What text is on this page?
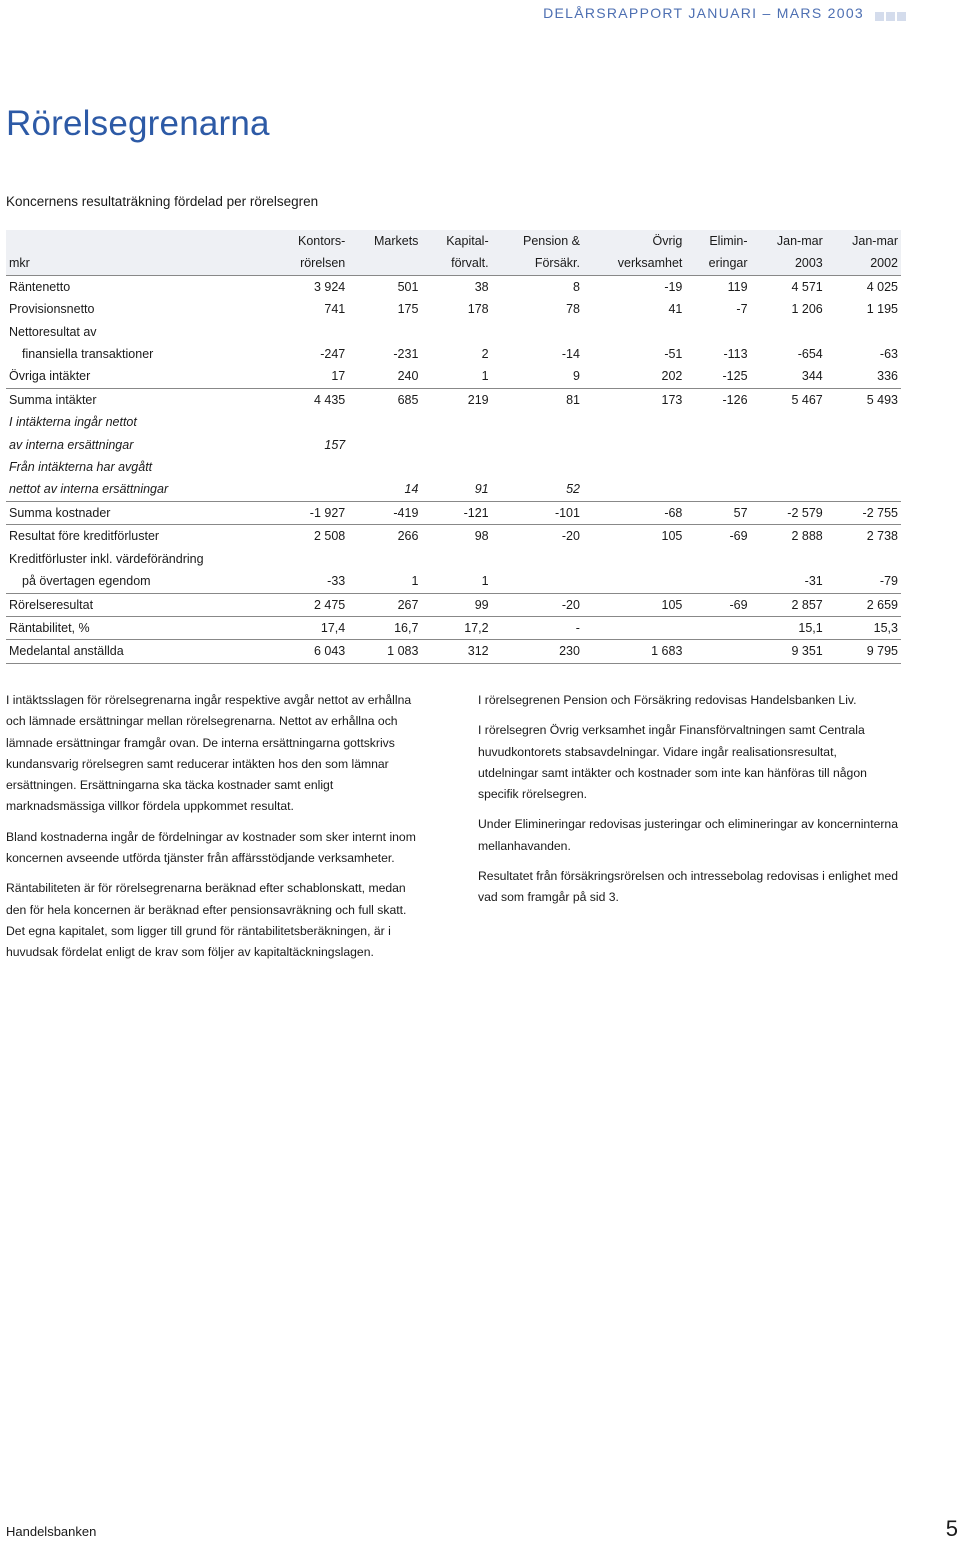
DELÅRSRAPPORT JANUARI – MARS 2003
Rörelsegrenarna

Koncernens resultaträkning fördelad per rörelsegren

	Kontors-	Markets	Kapital-	Pension &	Övrig	Elimin-	Jan-mar	Jan-mar
mkr	rörelsen		förvalt.	Försäkr.	verksamhet	eringar	2003	2002
Räntenetto	3 924	501	38	8	-19	119	4 571	4 025
Provisionsnetto	741	175	178	78	41	-7	1 206	1 195
Nettoresultat av								
finansiella transaktioner	-247	-231	2	-14	-51	-113	-654	-63
Övriga intäkter	17	240	1	9	202	-125	344	336
Summa intäkter	4 435	685	219	81	173	-126	5 467	5 493
I intäkterna ingår nettot								
av interna ersättningar	157							
Från intäkterna har avgått								
nettot av interna ersättningar		14	91	52				
Summa kostnader	-1 927	-419	-121	-101	-68	57	-2 579	-2 755
Resultat före kreditförluster	2 508	266	98	-20	105	-69	2 888	2 738
Kreditförluster inkl. värdeförändring								
på övertagen egendom	-33	1	1				-31	-79
Rörelseresultat	2 475	267	99	-20	105	-69	2 857	2 659
Räntabilitet, %	17,4	16,7	17,2	-			15,1	15,3
Medelantal anställda	6 043	1 083	312	230	1 683		9 351	9 795

I intäktsslagen för rörelsegrenarna ingår respektive avgår nettot av erhållna och lämnade ersättningar mellan rörelsegrenarna. Nettot av erhållna och lämnade ersättningar framgår ovan. De interna ersättningarna gottskrivs kundansvarig rörelsegren samt reducerar intäkten hos den som lämnar ersättningen. Ersättningarna ska täcka kostnader samt enligt marknadsmässiga villkor fördela uppkommet resultat.

Bland kostnaderna ingår de fördelningar av kostnader som sker internt inom koncernen avseende utförda tjänster från affärsstödjande verksamheter.

Räntabiliteten är för rörelsegrenarna beräknad efter schablonskatt, medan den för hela koncernen är beräknad efter pensionsavräkning och full skatt. Det egna kapitalet, som ligger till grund för räntabilitetsberäkningen, är i huvudsak fördelat enligt de krav som följer av kapitaltäckningslagen.

I rörelsegrenen Pension och Försäkring redovisas Handelsbanken Liv.

I rörelsegren Övrig verksamhet ingår Finansförvaltningen samt Centrala huvudkontorets stabsavdelningar. Vidare ingår realisationsresultat, utdelningar samt intäkter och kostnader som inte kan hänföras till någon specifik rörelsegren.

Under Elimineringar redovisas justeringar och elimineringar av koncerninterna mellanhavanden.

Resultatet från försäkringsrörelsen och intressebolag redovisas i enlighet med vad som framgår på sid 3.

Handelsbanken	5
